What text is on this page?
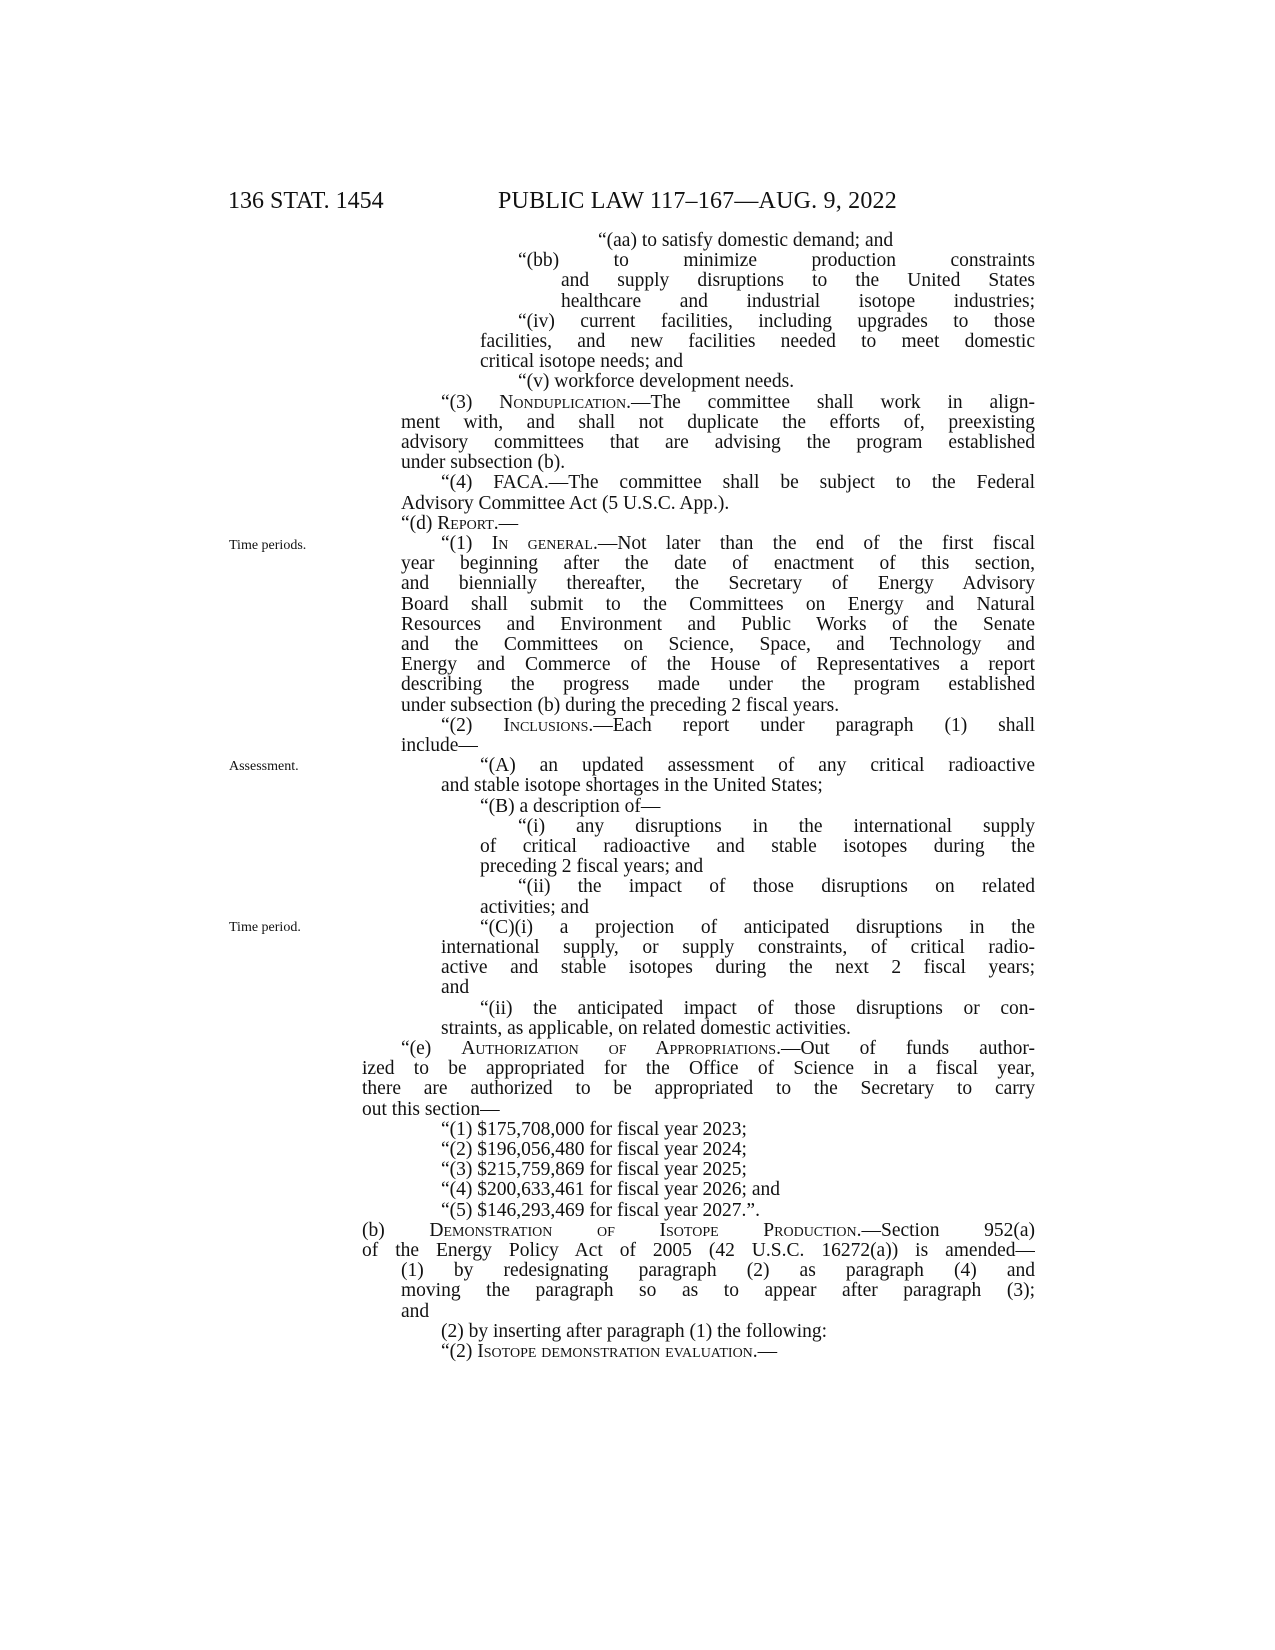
136 STAT. 1454	PUBLIC LAW 117–167—AUG. 9, 2022
Time periods.
Assessment.
Time period.
“(aa) to satisfy domestic demand; and
“(bb) to minimize production constraints
and supply disruptions to the United States
healthcare and industrial isotope industries;
“(iv) current facilities, including upgrades to those
facilities, and new facilities needed to meet domestic
critical isotope needs; and
“(v) workforce development needs.
“(3) Nonduplication.—The committee shall work in align-
ment with, and shall not duplicate the efforts of, preexisting
advisory committees that are advising the program established
under subsection (b).
“(4) FACA.—The committee shall be subject to the Federal
Advisory Committee Act (5 U.S.C. App.).
“(d) Report.—
“(1) In general.—Not later than the end of the first fiscal
year beginning after the date of enactment of this section,
and biennially thereafter, the Secretary of Energy Advisory
Board shall submit to the Committees on Energy and Natural
Resources and Environment and Public Works of the Senate
and the Committees on Science, Space, and Technology and
Energy and Commerce of the House of Representatives a report
describing the progress made under the program established
under subsection (b) during the preceding 2 fiscal years.
“(2) Inclusions.—Each report under paragraph (1) shall
include—
“(A) an updated assessment of any critical radioactive
and stable isotope shortages in the United States;
“(B) a description of—
“(i) any disruptions in the international supply
of critical radioactive and stable isotopes during the
preceding 2 fiscal years; and
“(ii) the impact of those disruptions on related
activities; and
“(C)(i) a projection of anticipated disruptions in the
international supply, or supply constraints, of critical radio-
active and stable isotopes during the next 2 fiscal years;
and
“(ii) the anticipated impact of those disruptions or con-
straints, as applicable, on related domestic activities.
“(e) Authorization of Appropriations.—Out of funds author-
ized to be appropriated for the Office of Science in a fiscal year,
there are authorized to be appropriated to the Secretary to carry
out this section—
“(1) $175,708,000 for fiscal year 2023;
“(2) $196,056,480 for fiscal year 2024;
“(3) $215,759,869 for fiscal year 2025;
“(4) $200,633,461 for fiscal year 2026; and
“(5) $146,293,469 for fiscal year 2027.”.
(b) Demonstration of Isotope Production.—Section 952(a)
of the Energy Policy Act of 2005 (42 U.S.C. 16272(a)) is amended—
(1) by redesignating paragraph (2) as paragraph (4) and
moving the paragraph so as to appear after paragraph (3);
and
(2) by inserting after paragraph (1) the following:
“(2) Isotope demonstration evaluation.—
